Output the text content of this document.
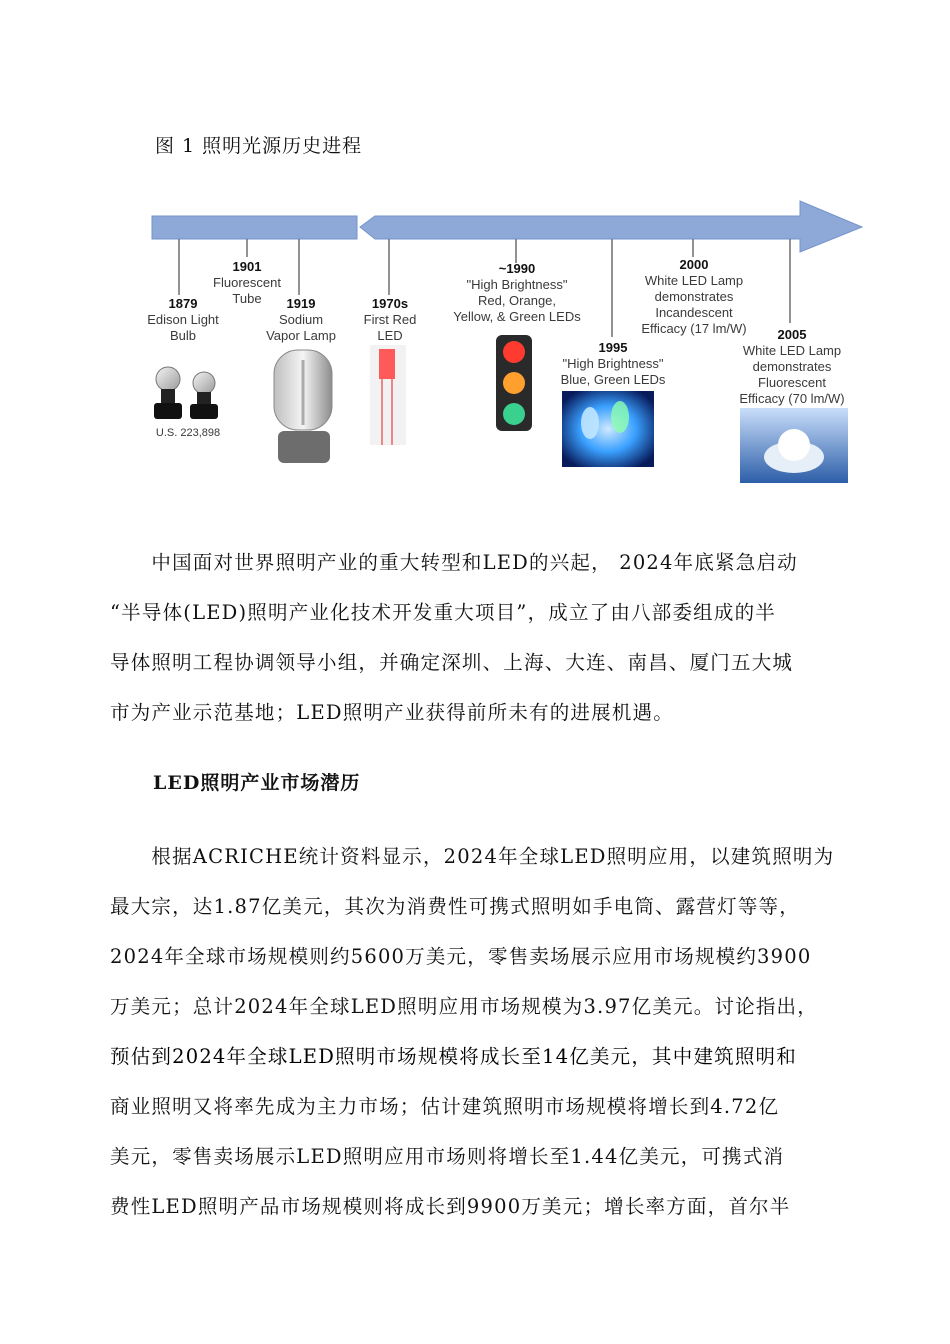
图 1 照明光源历史进程
1879
Edison Light
Bulb
U.S. 223,898
1901
Fluorescent
Tube	1919
Sodium
Vapor Lamp
1970s
First Red
LED
~1990
"High Brightness"
Red, Orange,
Yellow, & Green LEDs
1995
"High Brightness"
Blue, Green LEDs
2000
White LED Lamp
demonstrates
Incandescent
Efficacy (17 lm/W)	2005
White LED Lamp
demonstrates
Fluorescent
Efficacy (70 lm/W)

　　中国面对世界照明产业的重大转型和LED的兴起， 2024年底紧急启动

“半导体(LED)照明产业化技术开发重大项目”，成立了由八部委组成的半

导体照明工程协调领导小组，并确定深圳、上海、大连、南昌、厦门五大城

市为产业示范基地；LED照明产业获得前所未有的进展机遇。

LED照明产业市场潜历

　　根据ACRICHE统计资料显示，2024年全球LED照明应用，以建筑照明为

最大宗，达1.87亿美元，其次为消费性可携式照明如手电筒、露营灯等等，

2024年全球市场规模则约5600万美元，零售卖场展示应用市场规模约3900

万美元；总计2024年全球LED照明应用市场规模为3.97亿美元。讨论指出，

预估到2024年全球LED照明市场规模将成长至14亿美元，其中建筑照明和

商业照明又将率先成为主力市场；估计建筑照明市场规模将增长到4.72亿

美元，零售卖场展示LED照明应用市场则将增长至1.44亿美元，可携式消

费性LED照明产品市场规模则将成长到9900万美元；增长率方面，首尔半
